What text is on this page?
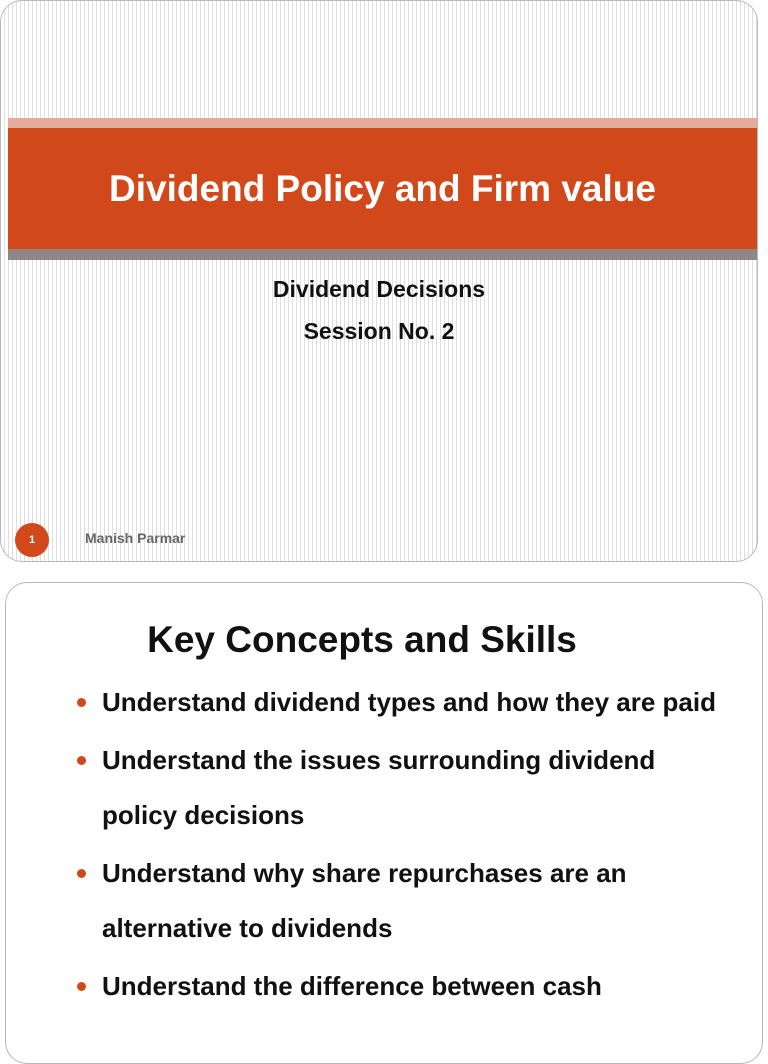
Dividend Policy and Firm value
Dividend Decisions
Session No. 2
1	Manish Parmar
Key Concepts and Skills
Understand dividend types and how they are paid
Understand the issues surrounding dividend policy decisions
Understand why share repurchases are an alternative to dividends
Understand the difference between cash
